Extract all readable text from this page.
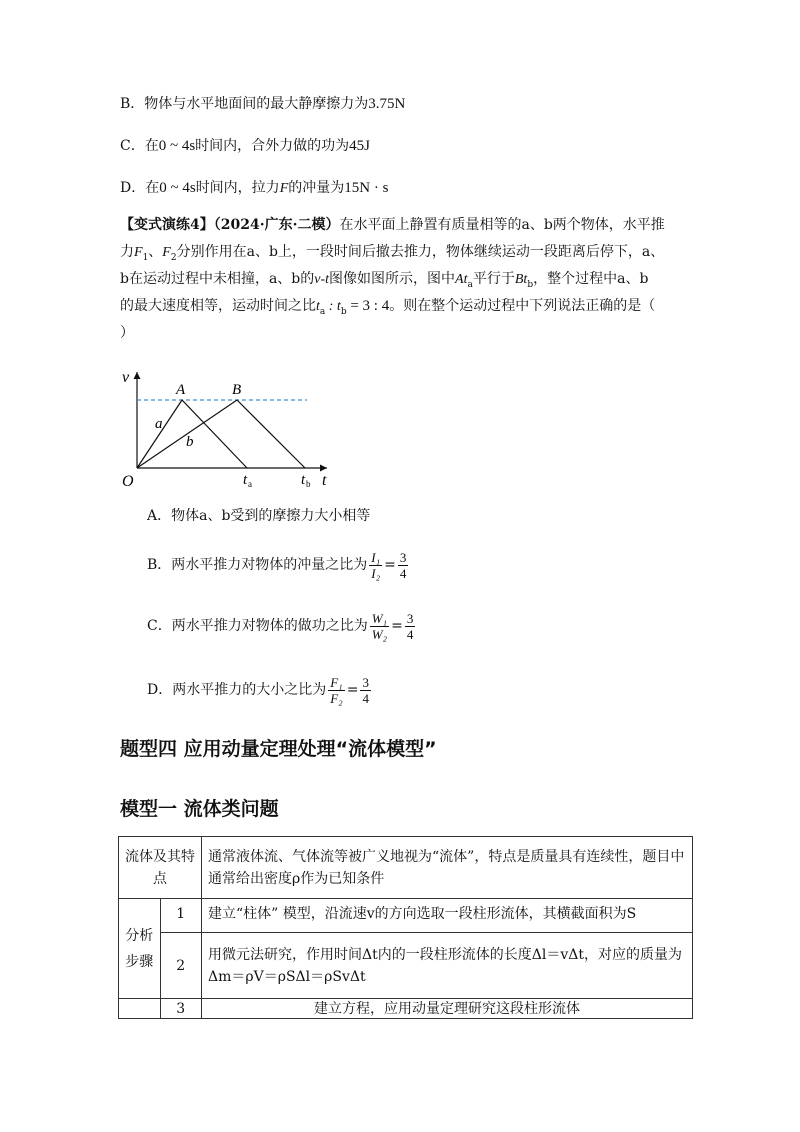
B．物体与水平地面间的最大静摩擦力为3.75N
C．在0 ~ 4s时间内，合外力做的功为45J
D．在0 ~ 4s时间内，拉力F的冲量为15N · s
【变式演练4】（2024·广东·二模）在水平面上静置有质量相等的a、b两个物体，水平推
力$F_1$、$F_2$分别作用在a、b上，一段时间后撤去推力，物体继续运动一段距离后停下，a、
b在运动过程中未相撞，a、b的v-t图像如图所示，图中$At_a$平行于$Bt_b$，整个过程中a、b
的最大速度相等，运动时间之比$t_a$ : $t_b = 3$ : 4。则在整个运动过程中下列说法正确的是（
）
v
t
O
A	B
a
b
t a	t b
A．物体a、b受到的摩擦力大小相等
B．两水平推力对物体的冲量之比为 $\frac{\text{I₁}}{\text{I₂}} = \frac{3}{4}$
C．两水平推力对物体的做功之比为 $\frac{\text{W₁}}{\text{W₂}} = \frac{3}{4}$
D．两水平推力的大小之比为 $\frac{\text{F₁}}{\text{F₂}} = \frac{3}{4}$
题型四 应用动量定理处理“流体模型”
模型一 流体类问题
流体及其特点		通常液体流、气体流等被广义地视为“流体”，特点是质量具有连续性，题目中通常给出密度ρ作为已知条件
分析步骤	1	建立“柱体” 模型，沿流速v的方向选取一段柱形流体，其横截面积为S
	2	用微元法研究，作用时间Δt内的一段柱形流体的长度Δl＝vΔt，对应的质量为
Δm＝ρV＝ρSΔl＝ρSvΔt
	3	建立方程，应用动量定理研究这段柱形流体
